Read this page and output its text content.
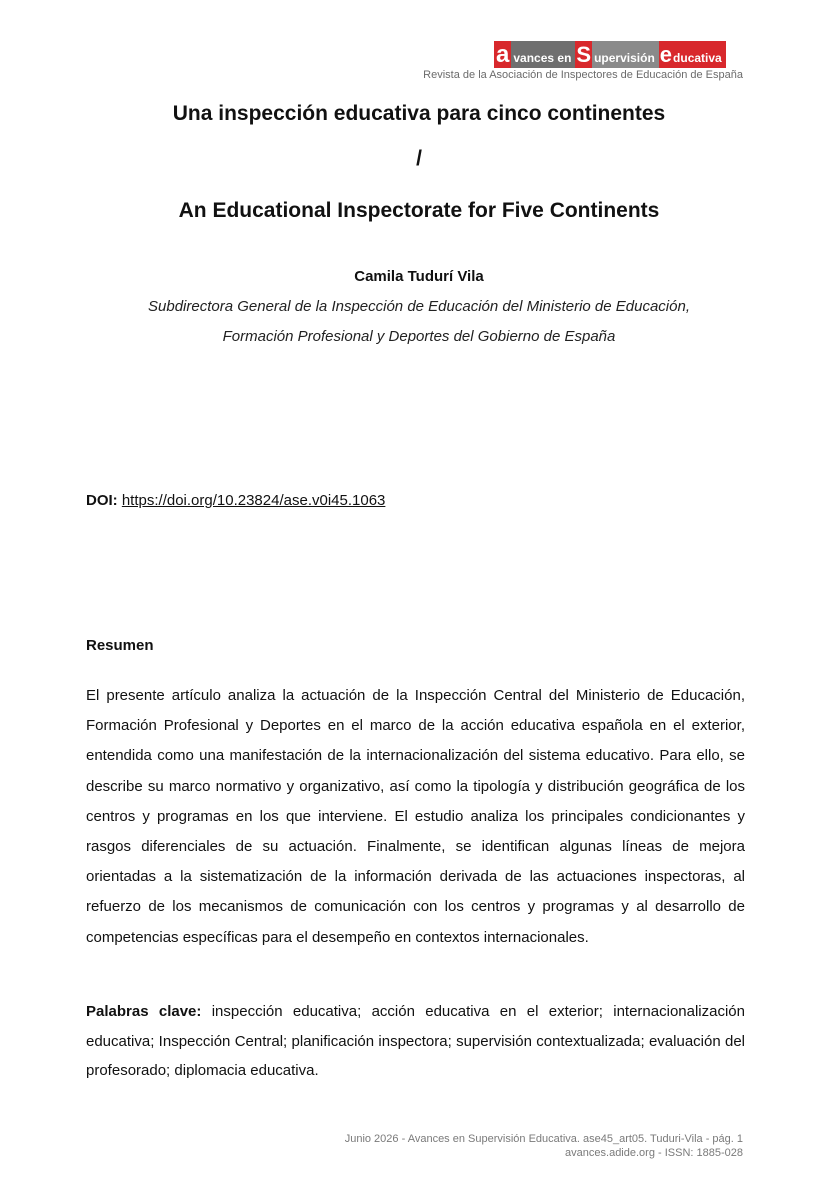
a vances en S upervisión e ducativa
Revista de la Asociación de Inspectores de Educación de España
Una inspección educativa para cinco continentes
/
An Educational Inspectorate for Five Continents
Camila Tudurí Vila
Subdirectora General de la Inspección de Educación del Ministerio de Educación,
Formación Profesional y Deportes del Gobierno de España
DOI: https://doi.org/10.23824/ase.v0i45.1063
Resumen
El presente artículo analiza la actuación de la Inspección Central del Ministerio de Educación, Formación Profesional y Deportes en el marco de la acción educativa española en el exterior, entendida como una manifestación de la internacionalización del sistema educativo. Para ello, se describe su marco normativo y organizativo, así como la tipología y distribución geográfica de los centros y programas en los que interviene. El estudio analiza los principales condicionantes y rasgos diferenciales de su actuación. Finalmente, se identifican algunas líneas de mejora orientadas a la sistematización de la información derivada de las actuaciones inspectoras, al refuerzo de los mecanismos de comunicación con los centros y programas y al desarrollo de competencias específicas para el desempeño en contextos internacionales.
Palabras clave: inspección educativa; acción educativa en el exterior; internacionalización educativa; Inspección Central; planificación inspectora; supervisión contextualizada; evaluación del profesorado; diplomacia educativa.
Junio 2026 - Avances en Supervisión Educativa. ase45_art05. Tuduri-Vila - pág. 1
avances.adide.org - ISSN: 1885-028
